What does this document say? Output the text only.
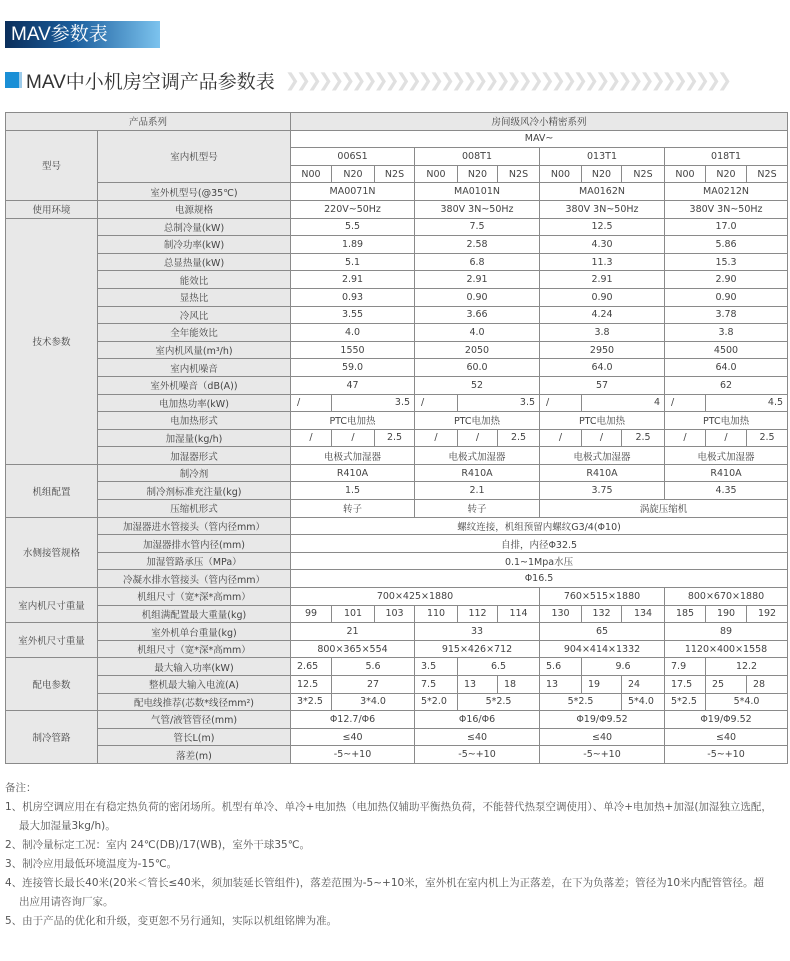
MAV参数表
MAV中小机房空调产品参数表 ❯❯❯❯❯❯❯❯❯❯❯❯❯❯❯❯❯❯❯❯❯❯❯❯❯❯❯❯❯❯❯❯❯❯❯❯❯❯❯❯
产品系列		房间级风冷小精密系列											
型号	室内机型号	MAV~											
		006S1			008T1			013T1			018T1		
		N00	N20	N2S	N00	N20	N2S	N00	N20	N2S	N00	N20	N2S
	室外机型号(@35℃)	MA0071N			MA0101N			MA0162N			MA0212N		
使用环境	电源规格	220V~50Hz			380V 3N~50Hz			380V 3N~50Hz			380V 3N~50Hz		
技术参数	总制冷量(kW)	5.5			7.5			12.5			17.0		
	制冷功率(kW)	1.89			2.58			4.30			5.86		
	总显热量(kW)	5.1			6.8			11.3			15.3		
	能效比	2.91			2.91			2.91			2.90		
	显热比	0.93			0.90			0.90			0.90		
	冷风比	3.55			3.66			4.24			3.78		
	全年能效比	4.0			4.0			3.8			3.8		
	室内机风量(m³/h)	1550			2050			2950			4500		
	室内机噪音	59.0			60.0			64.0			64.0		
	室外机噪音（dB(A))	47			52			57			62		
	电加热功率(kW)	/	3.5		/	3.5		/	4		/	4.5	
	电加热形式	PTC电加热			PTC电加热			PTC电加热			PTC电加热		
	加湿量(kg/h)	/	/	2.5	/	/	2.5	/	/	2.5	/	/	2.5
	加湿器形式	电极式加湿器			电极式加湿器			电极式加湿器			电极式加湿器		
机组配置	制冷剂	R410A			R410A			R410A			R410A		
	制冷剂标准充注量(kg)	1.5			2.1			3.75			4.35		
	压缩机形式	转子			转子			涡旋压缩机					
水侧接管规格	加湿器进水管接头（管内径mm）	螺纹连接，机组预留内螺纹G3/4(Φ10)											
	加湿器排水管内径(mm)	自排，内径Φ32.5											
	加湿管路承压（MPa）	0.1~1Mpa水压											
	冷凝水排水管接头（管内径mm）	Φ16.5											
室内机尺寸重量	机组尺寸（宽*深*高mm）	700×425×1880						760×515×1880			800×670×1880		
	机组满配置最大重量(kg)	99	101	103	110	112	114	130	132	134	185	190	192
室外机尺寸重量	室外机单台重量(kg)	21			33			65			89		
	机组尺寸（宽*深*高mm）	800×365×554			915×426×712			904×414×1332			1120×400×1558		
配电参数	最大输入功率(kW)	2.65	5.6		3.5	6.5		5.6	9.6		7.9	12.2	
	整机最大输入电流(A)	12.5	27		7.5	13	18	13	19	24	17.5	25	28
	配电线推荐(芯数*线径mm²)	3*2.5	3*4.0		5*2.0	5*2.5		5*2.5		5*4.0	5*2.5	5*4.0	
制冷管路	气管/液管管径(mm)	Φ12.7/Φ6			Φ16/Φ6			Φ19/Φ9.52			Φ19/Φ9.52		
	管长L(m)	≤40			≤40			≤40			≤40		
	落差(m)	-5~+10			-5~+10			-5~+10			-5~+10		
备注：
1、机房空调应用在有稳定热负荷的密闭场所。机型有单冷、单冷+电加热（电加热仅辅助平衡热负荷，不能替代热泵空调使用）、单冷+电加热+加湿(加湿独立选配，
最大加湿量3kg/h)。
2、制冷量标定工况：室内 24℃(DB)/17(WB)，室外干球35℃。
3、制冷应用最低环境温度为-15℃。
4、连接管长最长40米(20米＜管长≤40米，须加装延长管组件)，落差范围为-5~+10米，室外机在室内机上为正落差，在下为负落差；管径为10米内配管管径。超
出应用请咨询厂家。
5、由于产品的优化和升级，变更恕不另行通知，实际以机组铭牌为准。
